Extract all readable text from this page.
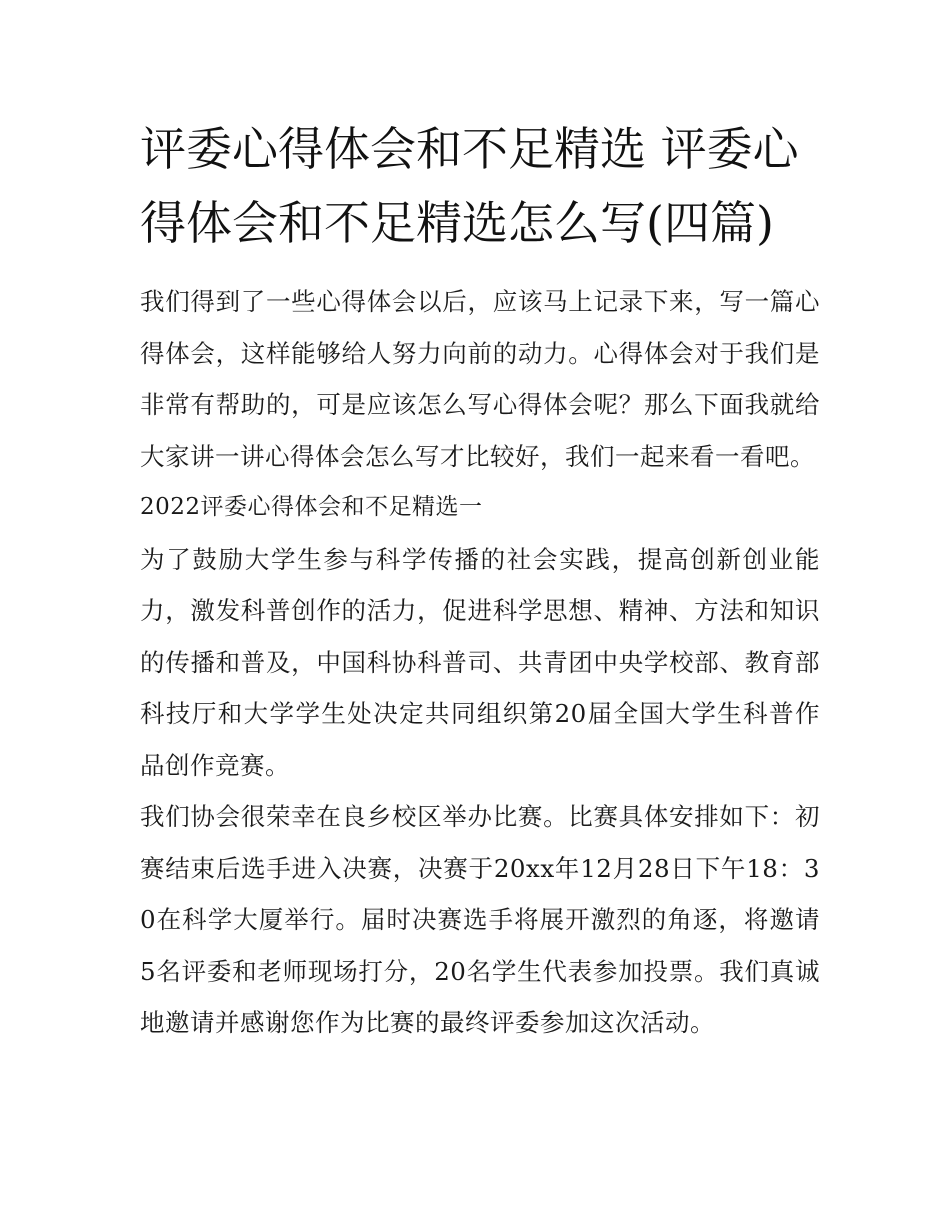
评委心得体会和不足精选 评委心得体会和不足精选怎么写(四篇)

我们得到了一些心得体会以后，应该马上记录下来，写一篇心得体会，这样能够给人努力向前的动力。心得体会对于我们是非常有帮助的，可是应该怎么写心得体会呢？那么下面我就给大家讲一讲心得体会怎么写才比较好，我们一起来看一看吧。

2022评委心得体会和不足精选一

为了鼓励大学生参与科学传播的社会实践，提高创新创业能力，激发科普创作的活力，促进科学思想、精神、方法和知识的传播和普及，中国科协科普司、共青团中央学校部、教育部科技厅和大学学生处决定共同组织第20届全国大学生科普作品创作竞赛。

我们协会很荣幸在良乡校区举办比赛。比赛具体安排如下：初赛结束后选手进入决赛，决赛于20xx年12月28日下午18：30在科学大厦举行。届时决赛选手将展开激烈的角逐，将邀请5名评委和老师现场打分，20名学生代表参加投票。我们真诚地邀请并感谢您作为比赛的最终评委参加这次活动。
